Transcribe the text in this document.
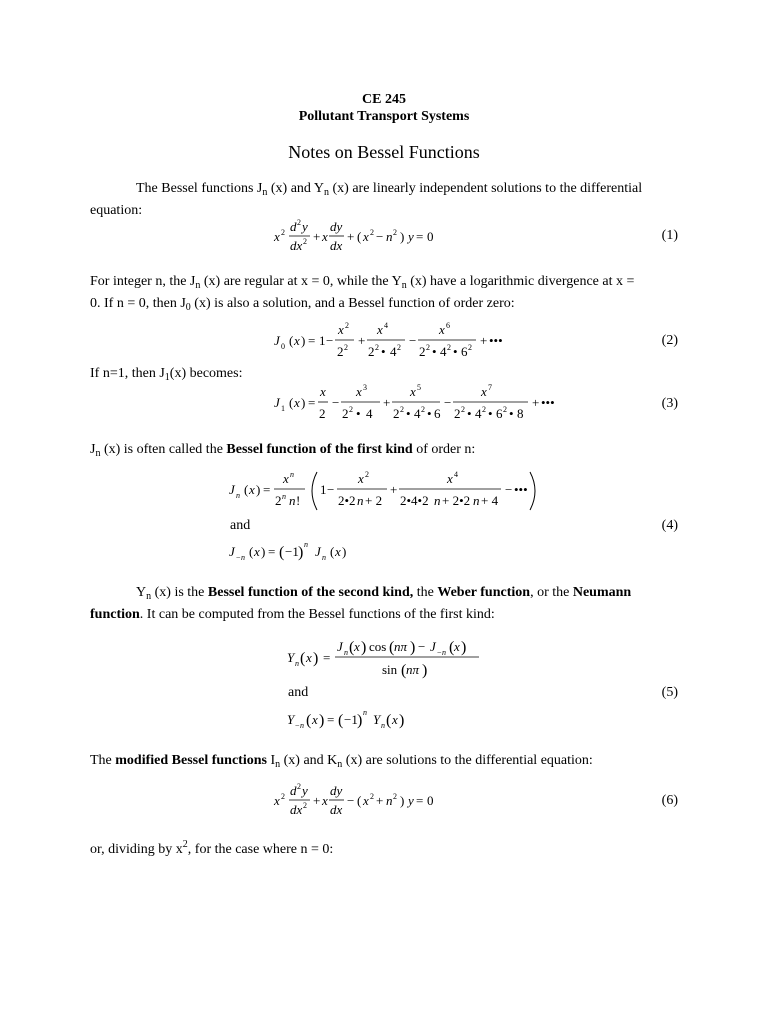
CE 245
Pollutant Transport Systems
Notes on Bessel Functions
The Bessel functions $J_n$ (x) and $Y_n$ (x) are linearly independent solutions to the differential
equation:
x 2 d 2 y
dx 2 + x
dy
dx
+ ( x 2 − n 2 ) y = 0	(1)
For integer n, the $J_n$ (x) are regular at x = 0, while the $Y_n$ (x) have a logarithmic divergence at x =
0. If n = 0, then $J_0$ (x) is also a solution, and a Bessel function of order zero:
J 0 ( x ) = 1 −
x 2
2 2 +
x 4
2 2 • 4 2 −
x 6
2 2 • 4 2 • 6 2 + •••	(2)
If n=1, then $J_1(x)$ becomes:
J 1 ( x ) =
x
2
−
x 3
2 2 • 4
+
x 5
2 2 • 4 2 • 6
−
x 7
2 2 • 4 2 • 6 2 • 8
+ •••	(3)
$J_n$ (x) is often called the Bessel function of the first kind of order n:
J n ( x ) =
x n
2 n n !
1 −
x 2
2•2 n + 2
+
x 4
2•4•2 n + 2•2 n + 4
− •••
and	(4)
J − n ( x ) = ( −1 ) n J n ( x )
$Y_n$ (x) is the Bessel function of the second kind, the Weber function, or the Neumann
function. It can be computed from the Bessel functions of the first kind:
Y n ( x ) =
J n ( x ) cos ( nπ ) − J − n ( x )
sin ( nπ )
and	(5)
Y − n ( x ) = ( −1 ) n Y n ( x )
The modified Bessel functions $I_n$ (x) and $K_n$ (x) are solutions to the differential equation:
x 2 d 2 y
dx 2 + x
dy
dx
− ( x 2 + n 2 ) y = 0	(6)
or, dividing by $x^2$, for the case where n = 0:
